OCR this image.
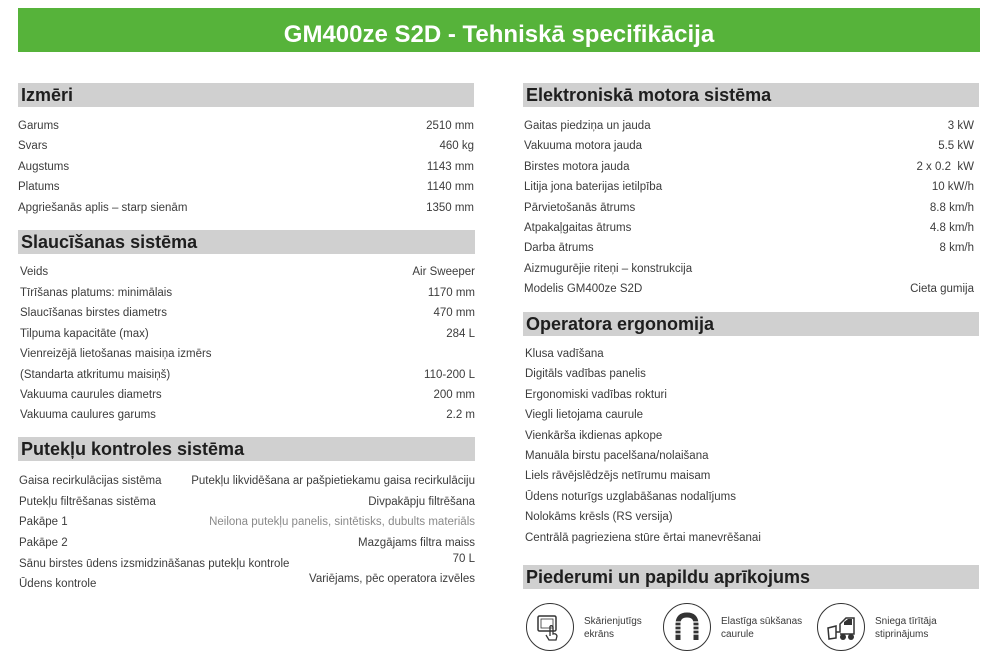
GM400ze S2D - Tehniskā specifikācija
Izmēri
Garums	2510 mm
Svars	460 kg
Augstums	1143 mm
Platums	1140 mm
Apgriešanās aplis – starp sienām	1350 mm
Slaucīšanas sistēma
Veids	Air Sweeper
Tīrīšanas platums: minimālais	1170 mm
Slaucīšanas birstes diametrs	470 mm
Tilpuma kapacitāte (max)	284 L
Vienreizējā lietošanas maisiņa izmērs
(Standarta atkritumu maisiņš)	110-200 L
Vakuuma caurules diametrs	200 mm
Vakuuma caulures garums	2.2 m
Putekļu kontroles sistēma
Gaisa recirkulācijas sistēma	Putekļu likvidēšana ar pašpietiekamu gaisa recirkulāciju
Putekļu filtrēšanas sistēma	Divpakāpju filtrēšana
Pakāpe 1	Neilona putekļu panelis, sintētisks, dubults materiāls
Pakāpe 2	Mazgājams filtra maiss
Sānu birstes ūdens izsmidzināšanas putekļu kontrole	70 L
Ūdens kontrole	Variējams, pēc operatora izvēles
Elektroniskā motora sistēma
Gaitas piedziņa un jauda	3 kW
Vakuuma motora jauda	5.5 kW
Birstes motora jauda	2 x 0.2  kW
Litija jona baterijas ietilpība	10 kW/h
Pārvietošanās ātrums	8.8 km/h
Atpakaļgaitas ātrums	4.8 km/h
Darba ātrums	8 km/h
Aizmugurējie riteņi – konstrukcija
Modelis GM400ze S2D	Cieta gumija
Operatora ergonomija
Klusa vadīšana
Digitāls vadības panelis
Ergonomiski vadības rokturi
Viegli lietojama caurule
Vienkārša ikdienas apkope
Manuāla birstu pacelšana/nolaišana
Liels rāvējslēdzējs netīrumu maisam
Ūdens noturīgs uzglabāšanas nodalījums
Nolokāms krēsls (RS versija)
Centrālā pagrieziena stūre ērtai manevrēšanai
Piederumi un papildu aprīkojums
Skārienjutīgs
ekrāns
Elastīga sūkšanas
caurule
Sniega tīrītāja
stiprinājums
